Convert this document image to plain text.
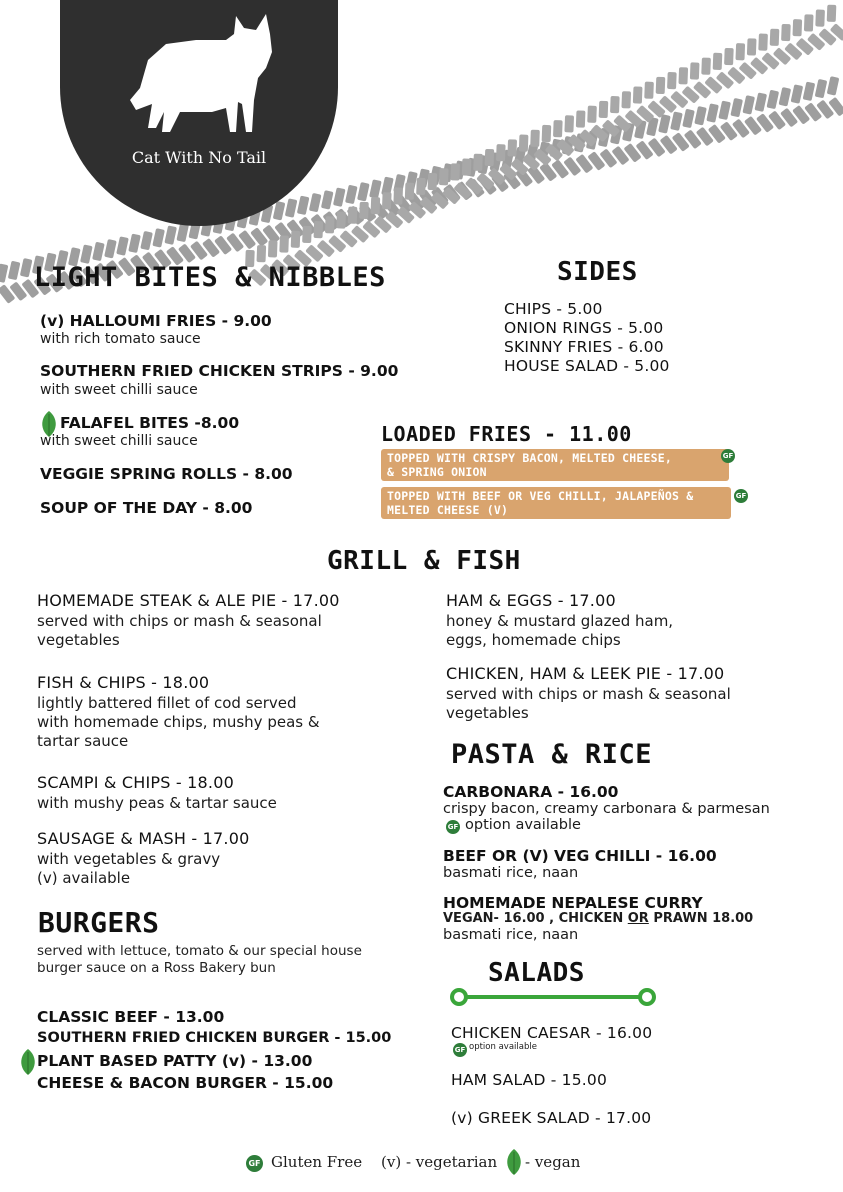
Cat With No Tail
LIGHT BITES & NIBBLES
(v) HALLOUMI FRIES - 9.00
with rich tomato sauce
SOUTHERN FRIED CHICKEN STRIPS - 9.00
with sweet chilli sauce
FALAFEL BITES -8.00
with sweet chilli sauce
VEGGIE SPRING ROLLS - 8.00
SOUP OF THE DAY - 8.00
SIDES
CHIPS - 5.00
ONION RINGS - 5.00
SKINNY FRIES - 6.00
HOUSE SALAD - 5.00
LOADED FRIES - 11.00
TOPPED WITH CRISPY BACON, MELTED CHEESE,
& SPRING ONION
GF
TOPPED WITH BEEF OR VEG CHILLI, JALAPEÑOS &
MELTED CHEESE (V)
GF
GRILL & FISH
HOMEMADE STEAK & ALE PIE - 17.00
served with chips or mash & seasonal
vegetables
FISH & CHIPS - 18.00
lightly battered fillet of cod served
with homemade chips, mushy peas &
tartar sauce
SCAMPI & CHIPS - 18.00
with mushy peas & tartar sauce
SAUSAGE & MASH - 17.00
with vegetables & gravy
(v) available
HAM & EGGS - 17.00
honey & mustard glazed ham,
eggs, homemade chips
CHICKEN, HAM & LEEK PIE - 17.00
served with chips or mash & seasonal
vegetables
PASTA & RICE
CARBONARA - 16.00
crispy bacon, creamy carbonara & parmesan
GF option available
BEEF OR (V) VEG CHILLI - 16.00
basmati rice, naan
HOMEMADE NEPALESE CURRY
VEGAN- 16.00 , CHICKEN OR PRAWN 18.00
basmati rice, naan
BURGERS
served with lettuce, tomato & our special house
burger sauce on a Ross Bakery bun
CLASSIC BEEF - 13.00
SOUTHERN FRIED CHICKEN BURGER - 15.00
PLANT BASED PATTY (v) - 13.00
CHEESE & BACON BURGER - 15.00
SALADS
CHICKEN CAESAR - 16.00
GF option available
HAM SALAD - 15.00
(v) GREEK SALAD - 17.00
GF Gluten Free (v) - vegetarian - vegan
